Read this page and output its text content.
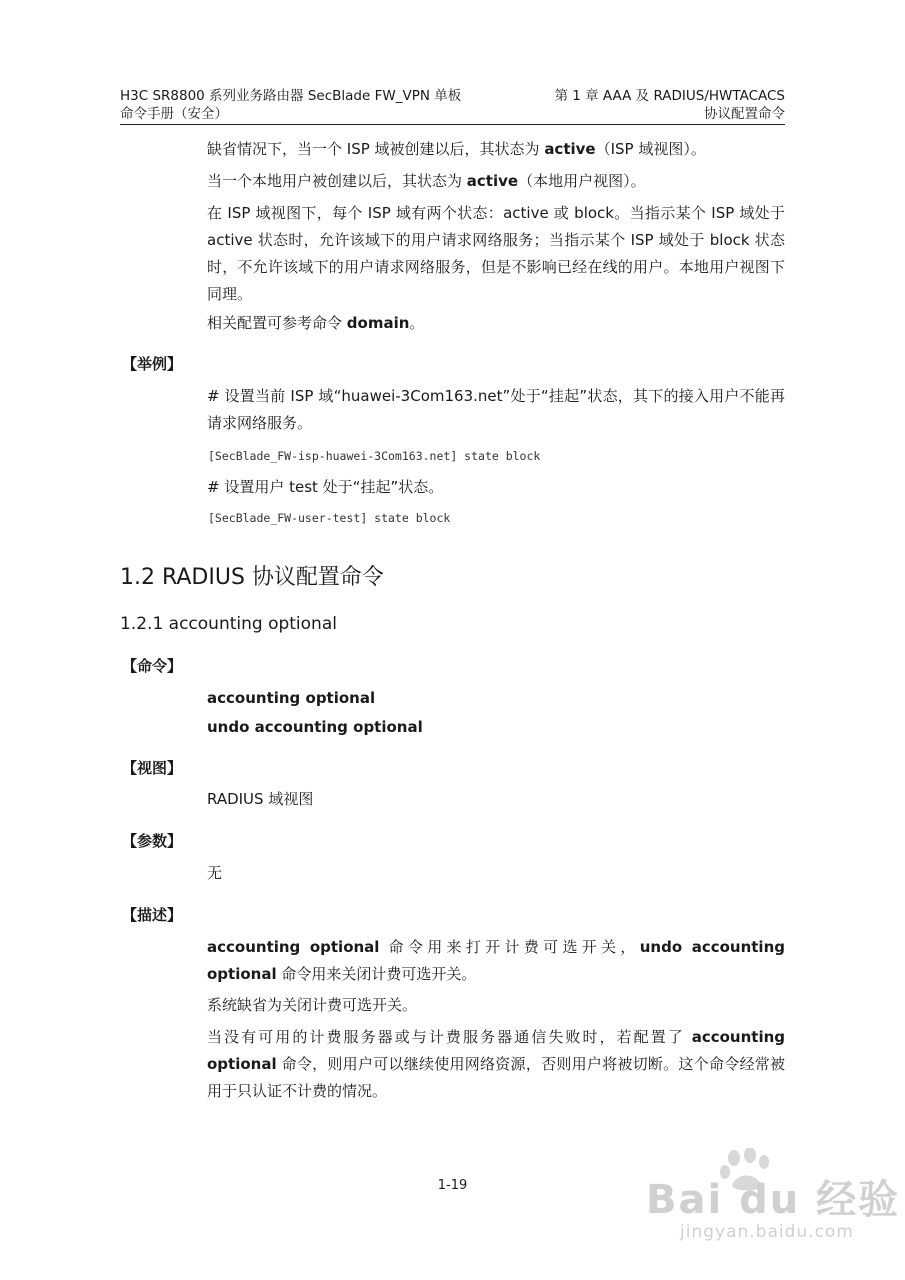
H3C SR8800 系列业务路由器 SecBlade FW_VPN 单板
命令手册（安全）
第 1 章 AAA 及 RADIUS/HWTACACS
协议配置命令
缺省情况下，当一个 ISP 域被创建以后，其状态为 active（ISP 域视图）。
当一个本地用户被创建以后，其状态为 active（本地用户视图）。
在 ISP 域视图下，每个 ISP 域有两个状态：active 或 block。当指示某个 ISP 域处于 active 状态时，允许该域下的用户请求网络服务；当指示某个 ISP 域处于 block 状态时，不允许该域下的用户请求网络服务，但是不影响已经在线的用户。本地用户视图下同理。
相关配置可参考命令 domain。
【举例】
# 设置当前 ISP 域“huawei-3Com163.net”处于“挂起”状态，其下的接入用户不能再请求网络服务。
[SecBlade_FW-isp-huawei-3Com163.net] state block
# 设置用户 test 处于“挂起”状态。
[SecBlade_FW-user-test] state block
1.2 RADIUS 协议配置命令
1.2.1 accounting optional
【命令】
accounting optional
undo accounting optional
【视图】
RADIUS 域视图
【参数】
无
【描述】
accounting optional 命令用来打开计费可选开关，undo accounting optional 命令用来关闭计费可选开关。
系统缺省为关闭计费可选开关。
当没有可用的计费服务器或与计费服务器通信失败时，若配置了 accounting optional 命令，则用户可以继续使用网络资源，否则用户将被切断。这个命令经常被用于只认证不计费的情况。
1-19	Bai du 经验
jingyan.baidu.com
